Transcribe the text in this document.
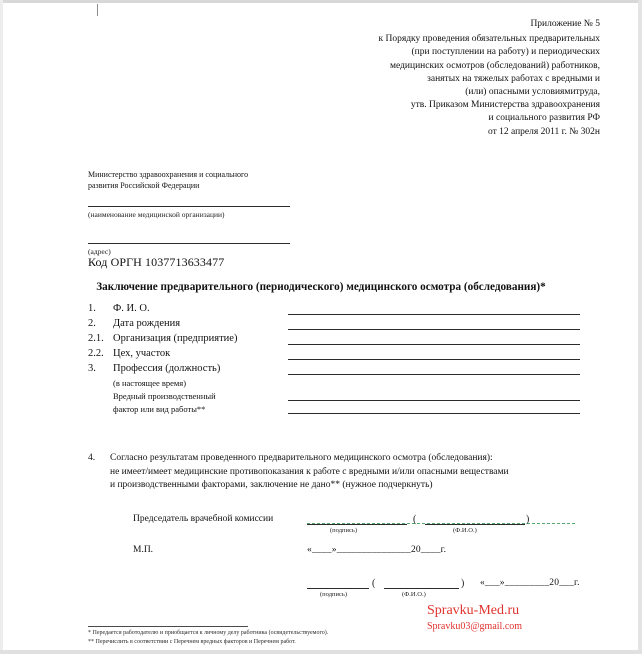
Приложение № 5
к Порядку проведения обязательных предварительных
(при поступлении на работу) и периодических
медицинских осмотров (обследований) работников,
занятых на тяжелых работах с вредными и
(или) опасными условиямитруда,
утв. Приказом Министерства здравоохранения
и социального развития РФ
от 12 апреля 2011 г. № 302н
Министерство здравоохранения и социального
развития Российской Федерации
(наименование медицинской организации)
(адрес)
Код ОРГН 1037713633477
Заключение предварительного (периодического) медицинского осмотра (обследования)*
1.	Ф. И. О.
2.	Дата рождения
2.1. Организация (предприятие)
2.2. Цех, участок
3.	Профессия (должность)
(в настоящее время)
Вредный производственный
фактор или вид работы**
4. Согласно результатам проведенного предварительного медицинского осмотра (обследования):
не имеет/имеет медицинские противопоказания к работе с вредными и/или опасными веществами
и производственными факторами, заключение не дано** (нужное подчеркнуть)
Председатель врачебной комиссии	(	)
(подпись)	(Ф.И.О.)
М.П.	«____»_______________20____г.
(	)
(подпись)	(Ф.И.О.)
«___»_________20___г.
* Передается работодателю и приобщается к личному делу работника (освидетельствуемого).
** Перечислить в соответствии с Перечнем вредных факторов и Перечнем работ.
Spravku-Med.ru
Spravku03@gmail.com
